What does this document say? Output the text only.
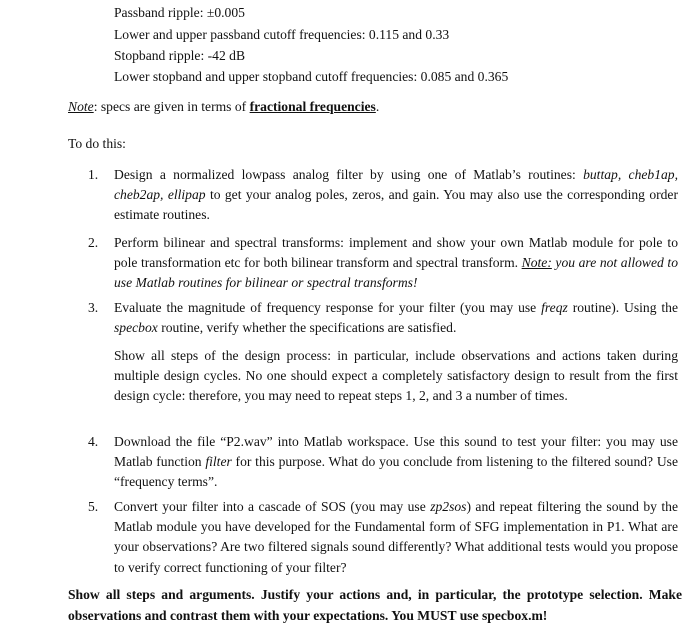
Passband ripple: ±0.005
Lower and upper passband cutoff frequencies: 0.115 and 0.33
Stopband ripple: -42 dB
Lower stopband and upper stopband cutoff frequencies: 0.085 and 0.365
Note: specs are given in terms of fractional frequencies.
To do this:
1.	Design a normalized lowpass analog filter by using one of Matlab’s routines: buttap, cheb1ap, cheb2ap, ellipap to get your analog poles, zeros, and gain. You may also use the corresponding order estimate routines.
2.	Perform bilinear and spectral transforms: implement and show your own Matlab module for pole to pole transformation etc for both bilinear transform and spectral transform. Note: you are not allowed to use Matlab routines for bilinear or spectral transforms!
3.	Evaluate the magnitude of frequency response for your filter (you may use freqz routine). Using the specbox routine, verify whether the specifications are satisfied.
Show all steps of the design process: in particular, include observations and actions taken during multiple design cycles. No one should expect a completely satisfactory design to result from the first design cycle: therefore, you may need to repeat steps 1, 2, and 3 a number of times.
4.	Download the file “P2.wav” into Matlab workspace. Use this sound to test your filter: you may use Matlab function filter for this purpose. What do you conclude from listening to the filtered sound? Use “frequency terms”.
5.	Convert your filter into a cascade of SOS (you may use zp2sos) and repeat filtering the sound by the Matlab module you have developed for the Fundamental form of SFG implementation in P1. What are your observations? Are two filtered signals sound differently? What additional tests would you propose to verify correct functioning of your filter?
Show all steps and arguments. Justify your actions and, in particular, the prototype selection. Make observations and contrast them with your expectations. You MUST use specbox.m!
